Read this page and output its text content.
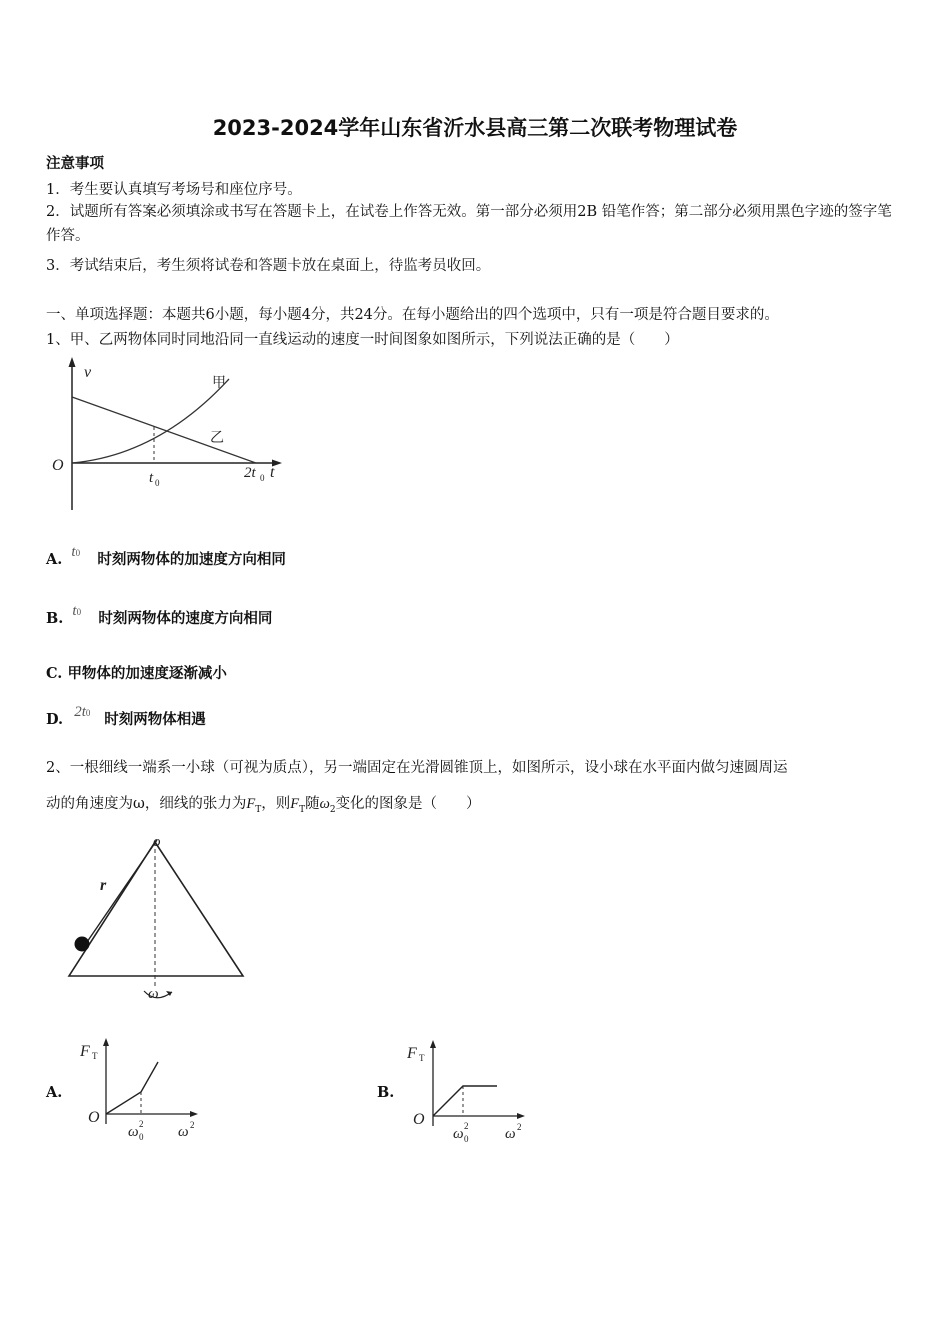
2023-2024学年山东省沂水县高三第二次联考物理试卷
注意事项
1．考生要认真填写考场号和座位序号。
2．试题所有答案必须填涂或书写在答题卡上，在试卷上作答无效。第一部分必须用2B 铅笔作答；第二部分必须用黑色字迹的签字笔作答。
3．考试结束后，考生须将试卷和答题卡放在桌面上，待监考员收回。
一、单项选择题：本题共6小题，每小题4分，共24分。在每小题给出的四个选项中，只有一项是符合题目要求的。
1、甲、乙两物体同时同地沿同一直线运动的速度一时间图象如图所示，下列说法正确的是（　　）
v
O	t
甲
乙
t 0
2t 0
A. t0 时刻两物体的加速度方向相同
B. t0 时刻两物体的速度方向相同
C. 甲物体的加速度逐渐减小
D. 2t0 时刻两物体相遇
2、一根细线一端系一小球（可视为质点），另一端固定在光滑圆锥顶上，如图所示，设小球在水平面内做匀速圆周运
动的角速度为ω，细线的张力为$F_T$，则$F_T$随$\omega_2$变化的图象是（　　）
o
r
ω
A.
F T
O
ω 2
0 ω 2
B.
F T
O
ω 2
0 ω 2
